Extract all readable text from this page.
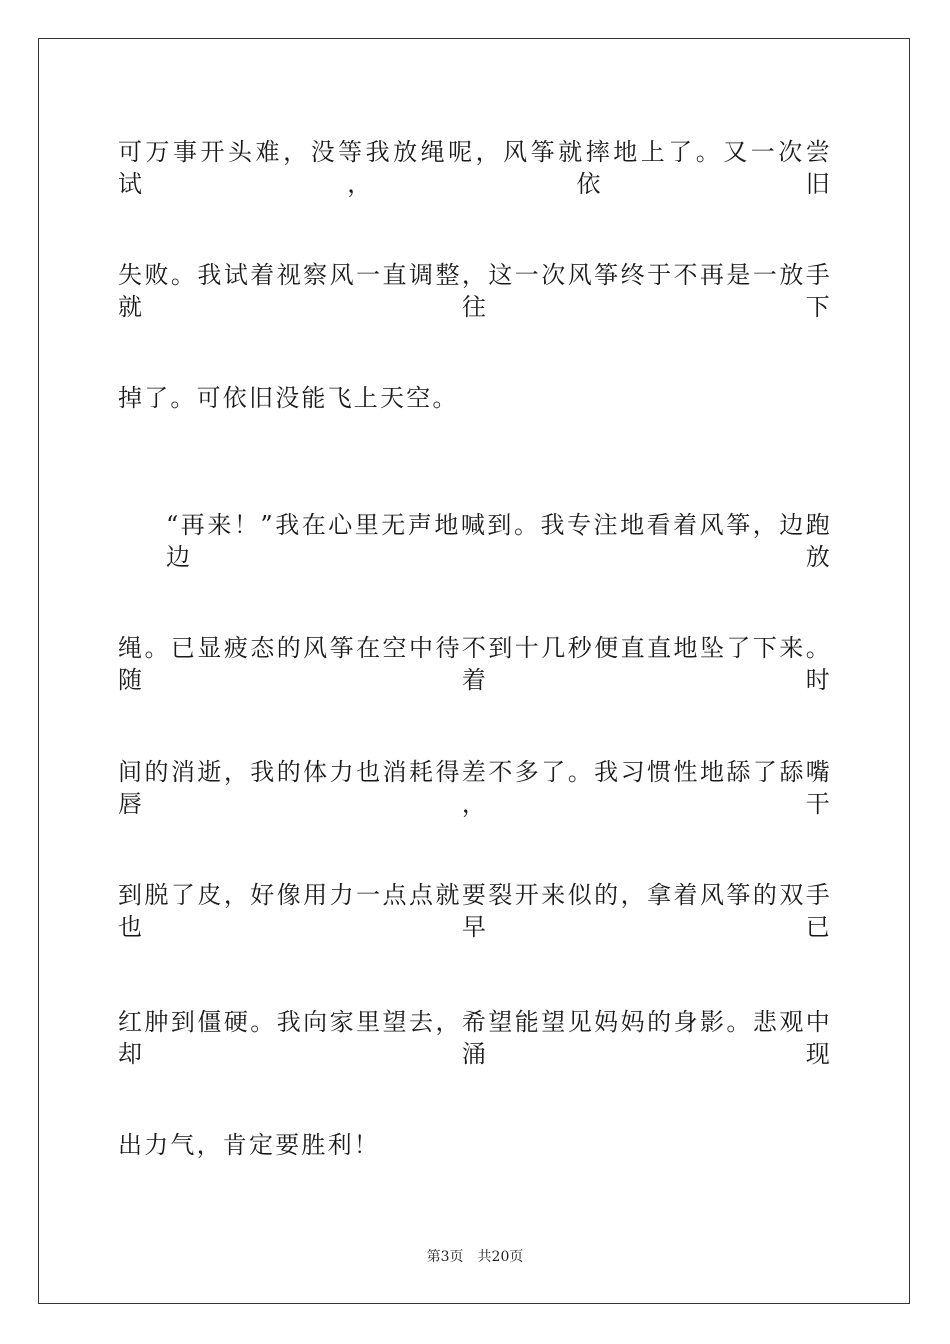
可万事开头难，没等我放绳呢，风筝就摔地上了。又一次尝试，依旧
失败。我试着视察风一直调整，这一次风筝终于不再是一放手就往下
掉了。可依旧没能飞上天空。
“再来！”我在心里无声地喊到。我专注地看着风筝，边跑边放
绳。已显疲态的风筝在空中待不到十几秒便直直地坠了下来。随着时
间的消逝，我的体力也消耗得差不多了。我习惯性地舔了舔嘴唇，干
到脱了皮，好像用力一点点就要裂开来似的，拿着风筝的双手也早已
红肿到僵硬。我向家里望去，希望能望见妈妈的身影。悲观中却涌现
出力气，肯定要胜利！
第3页 共20页
